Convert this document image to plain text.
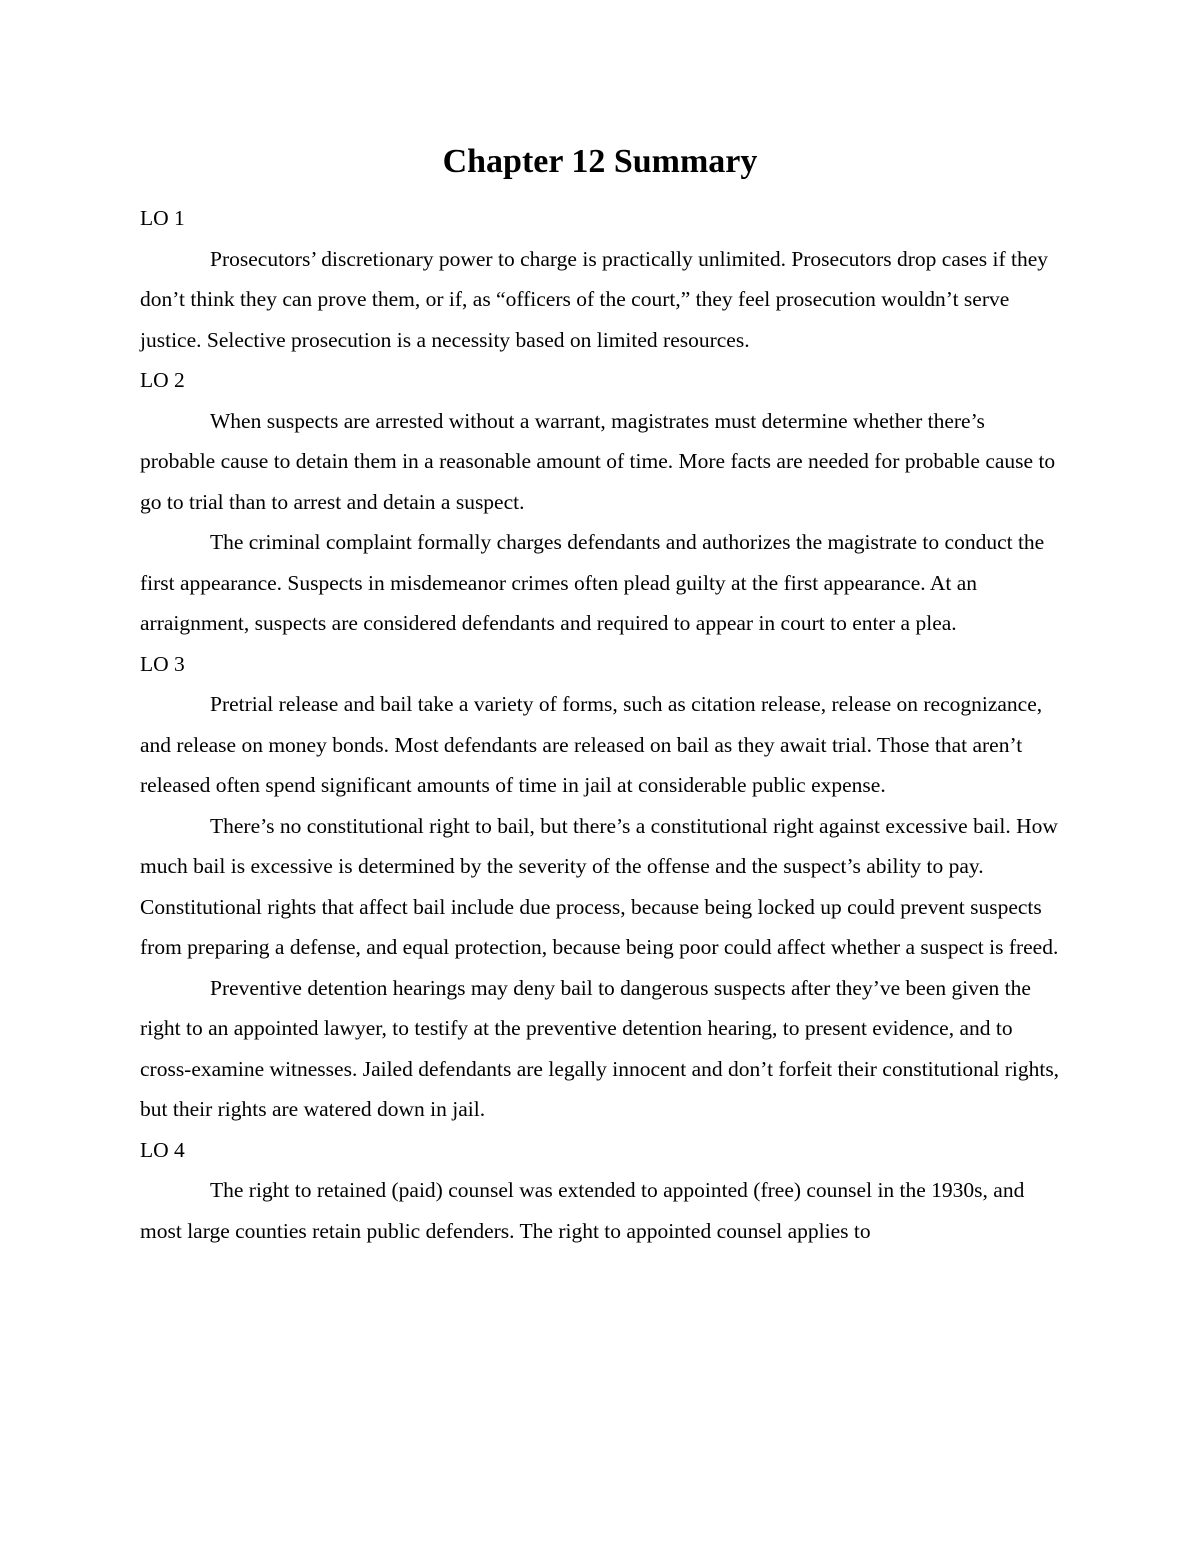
Chapter 12 Summary

LO 1

Prosecutors’ discretionary power to charge is practically unlimited. Prosecutors drop cases if they don’t think they can prove them, or if, as “officers of the court,” they feel prosecution wouldn’t serve justice. Selective prosecution is a necessity based on limited resources.

LO 2

When suspects are arrested without a warrant, magistrates must determine whether there’s probable cause to detain them in a reasonable amount of time. More facts are needed for probable cause to go to trial than to arrest and detain a suspect.

The criminal complaint formally charges defendants and authorizes the magistrate to conduct the first appearance. Suspects in misdemeanor crimes often plead guilty at the first appearance. At an arraignment, suspects are considered defendants and required to appear in court to enter a plea.

LO 3

Pretrial release and bail take a variety of forms, such as citation release, release on recognizance, and release on money bonds. Most defendants are released on bail as they await trial. Those that aren’t released often spend significant amounts of time in jail at considerable public expense.

There’s no constitutional right to bail, but there’s a constitutional right against excessive bail. How much bail is excessive is determined by the severity of the offense and the suspect’s ability to pay. Constitutional rights that affect bail include due process, because being locked up could prevent suspects from preparing a defense, and equal protection, because being poor could affect whether a suspect is freed.

Preventive detention hearings may deny bail to dangerous suspects after they’ve been given the right to an appointed lawyer, to testify at the preventive detention hearing, to present evidence, and to cross-examine witnesses. Jailed defendants are legally innocent and don’t forfeit their constitutional rights, but their rights are watered down in jail.

LO 4

The right to retained (paid) counsel was extended to appointed (free) counsel in the 1930s, and most large counties retain public defenders. The right to appointed counsel applies to
